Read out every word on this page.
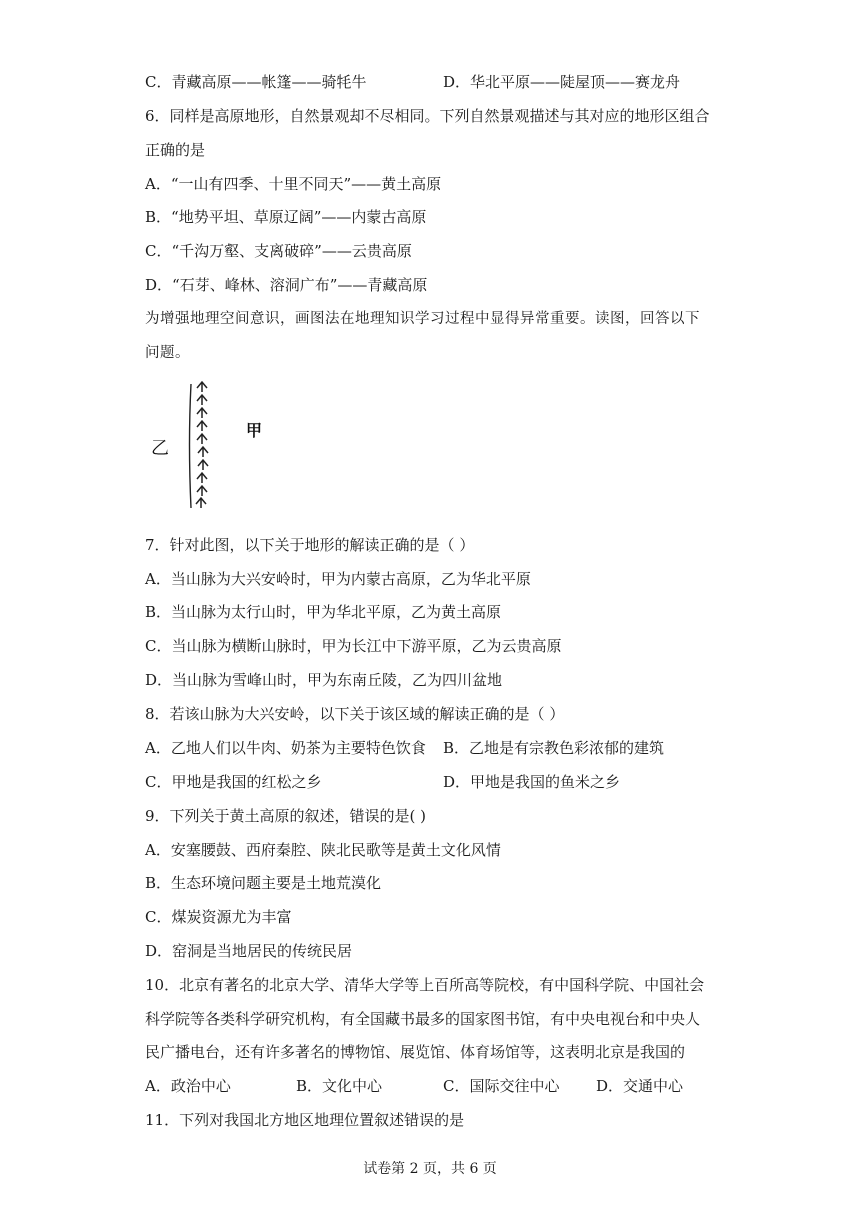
C．青藏高原——帐篷——骑牦牛	D．华北平原——陡屋顶——赛龙舟
6．同样是高原地形，自然景观却不尽相同。下列自然景观描述与其对应的地形区组合
正确的是
A．“一山有四季、十里不同天”——黄土高原
B．“地势平坦、草原辽阔”——内蒙古高原
C．“千沟万壑、支离破碎”——云贵高原
D．“石芽、峰林、溶洞广布”——青藏高原
为增强地理空间意识，画图法在地理知识学习过程中显得异常重要。读图，回答以下
问题。
乙
甲
7．针对此图，以下关于地形的解读正确的是（ ）
A．当山脉为大兴安岭时，甲为内蒙古高原，乙为华北平原
B．当山脉为太行山时，甲为华北平原，乙为黄土高原
C．当山脉为横断山脉时，甲为长江中下游平原，乙为云贵高原
D．当山脉为雪峰山时，甲为东南丘陵，乙为四川盆地
8．若该山脉为大兴安岭，以下关于该区域的解读正确的是（ ）
A．乙地人们以牛肉、奶茶为主要特色饮食 B．乙地是有宗教色彩浓郁的建筑
C．甲地是我国的红松之乡	D．甲地是我国的鱼米之乡
9．下列关于黄土高原的叙述，错误的是( )
A．安塞腰鼓、西府秦腔、陕北民歌等是黄土文化风情
B．生态环境问题主要是土地荒漠化
C．煤炭资源尤为丰富
D．窑洞是当地居民的传统民居
10．北京有著名的北京大学、清华大学等上百所高等院校，有中国科学院、中国社会
科学院等各类科学研究机构，有全国藏书最多的国家图书馆，有中央电视台和中央人
民广播电台，还有许多著名的博物馆、展览馆、体育场馆等，这表明北京是我国的
A．政治中心	B．文化中心	C．国际交往中心 D．交通中心
11．下列对我国北方地区地理位置叙述错误的是
试卷第 2 页，共 6 页
